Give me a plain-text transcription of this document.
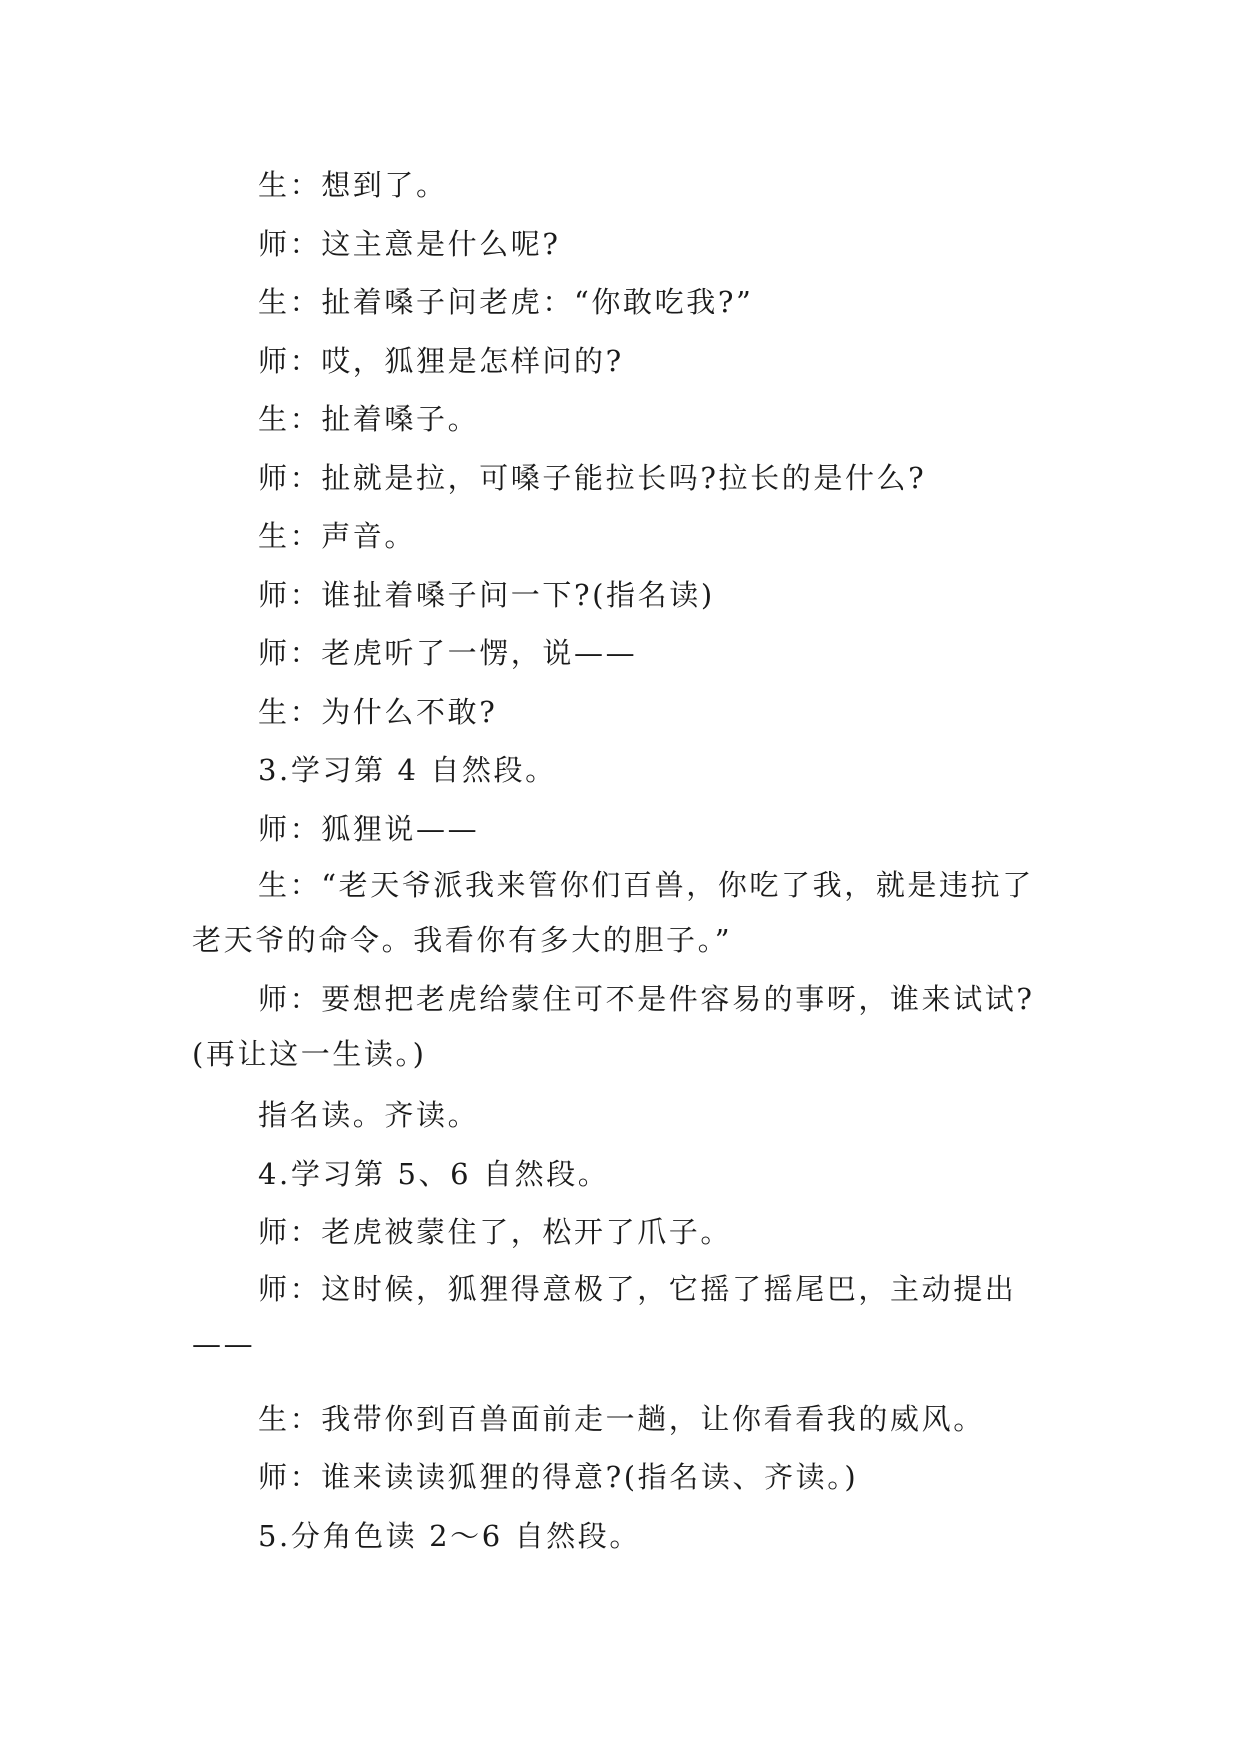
生：想到了。

师：这主意是什么呢?

生：扯着嗓子问老虎：“你敢吃我?”

师：哎，狐狸是怎样问的?

生：扯着嗓子。

师：扯就是拉，可嗓子能拉长吗?拉长的是什么?

生：声音。

师：谁扯着嗓子问一下?(指名读)

师：老虎听了一愣，说——

生：为什么不敢?

3.学习第 4 自然段。

师：狐狸说——

生：“老天爷派我来管你们百兽，你吃了我，就是违抗了老天爷的命令。我看你有多大的胆子。”

师：要想把老虎给蒙住可不是件容易的事呀，谁来试试?(再让这一生读。)

指名读。齐读。

4.学习第 5、6 自然段。

师：老虎被蒙住了，松开了爪子。

师：这时候，狐狸得意极了，它摇了摇尾巴，主动提出——

生：我带你到百兽面前走一趟，让你看看我的威风。

师：谁来读读狐狸的得意?(指名读、齐读。)

5.分角色读 2～6 自然段。
